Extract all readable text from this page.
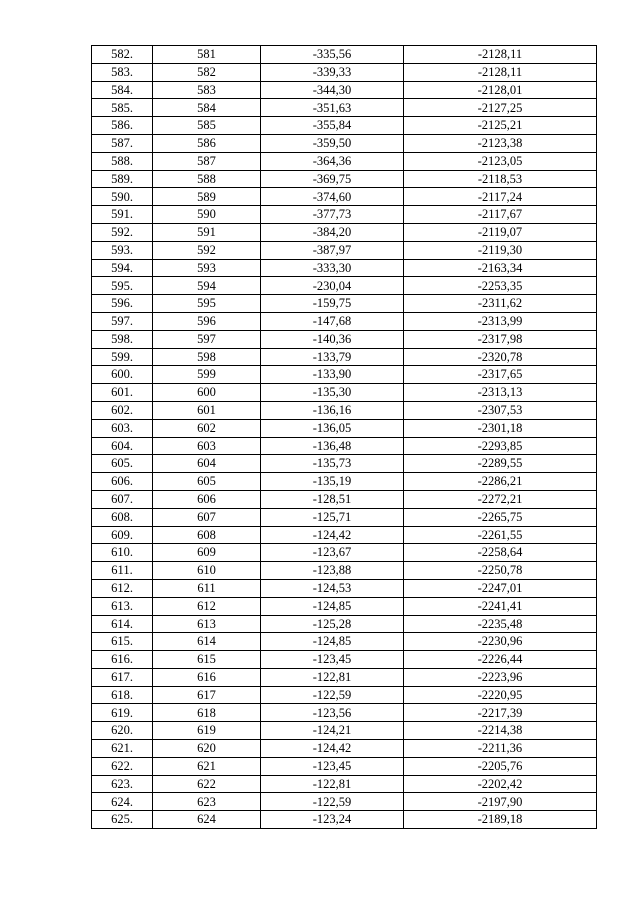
582.	581	-335,56	-2128,11
583.	582	-339,33	-2128,11
584.	583	-344,30	-2128,01
585.	584	-351,63	-2127,25
586.	585	-355,84	-2125,21
587.	586	-359,50	-2123,38
588.	587	-364,36	-2123,05
589.	588	-369,75	-2118,53
590.	589	-374,60	-2117,24
591.	590	-377,73	-2117,67
592.	591	-384,20	-2119,07
593.	592	-387,97	-2119,30
594.	593	-333,30	-2163,34
595.	594	-230,04	-2253,35
596.	595	-159,75	-2311,62
597.	596	-147,68	-2313,99
598.	597	-140,36	-2317,98
599.	598	-133,79	-2320,78
600.	599	-133,90	-2317,65
601.	600	-135,30	-2313,13
602.	601	-136,16	-2307,53
603.	602	-136,05	-2301,18
604.	603	-136,48	-2293,85
605.	604	-135,73	-2289,55
606.	605	-135,19	-2286,21
607.	606	-128,51	-2272,21
608.	607	-125,71	-2265,75
609.	608	-124,42	-2261,55
610.	609	-123,67	-2258,64
611.	610	-123,88	-2250,78
612.	611	-124,53	-2247,01
613.	612	-124,85	-2241,41
614.	613	-125,28	-2235,48
615.	614	-124,85	-2230,96
616.	615	-123,45	-2226,44
617.	616	-122,81	-2223,96
618.	617	-122,59	-2220,95
619.	618	-123,56	-2217,39
620.	619	-124,21	-2214,38
621.	620	-124,42	-2211,36
622.	621	-123,45	-2205,76
623.	622	-122,81	-2202,42
624.	623	-122,59	-2197,90
625.	624	-123,24	-2189,18
